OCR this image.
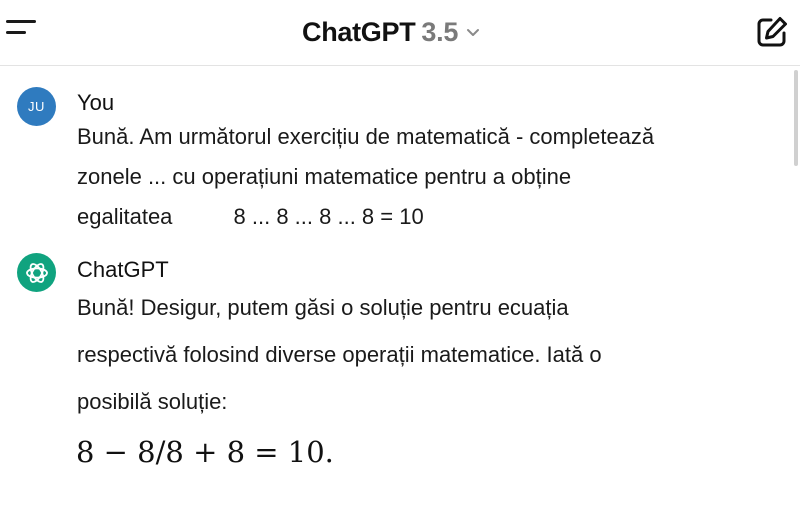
ChatGPT 3.5
JU You
Bună. Am următorul exercițiu de matematică - completează
zonele ... cu operațiuni matematice pentru a obține
egalitatea          8 ... 8 ... 8 ... 8 = 10
ChatGPT
Bună! Desigur, putem găsi o soluție pentru ecuația
respectivă folosind diverse operații matematice. Iată o
posibilă soluție:
8 − 8/8 + 8 = 10.
